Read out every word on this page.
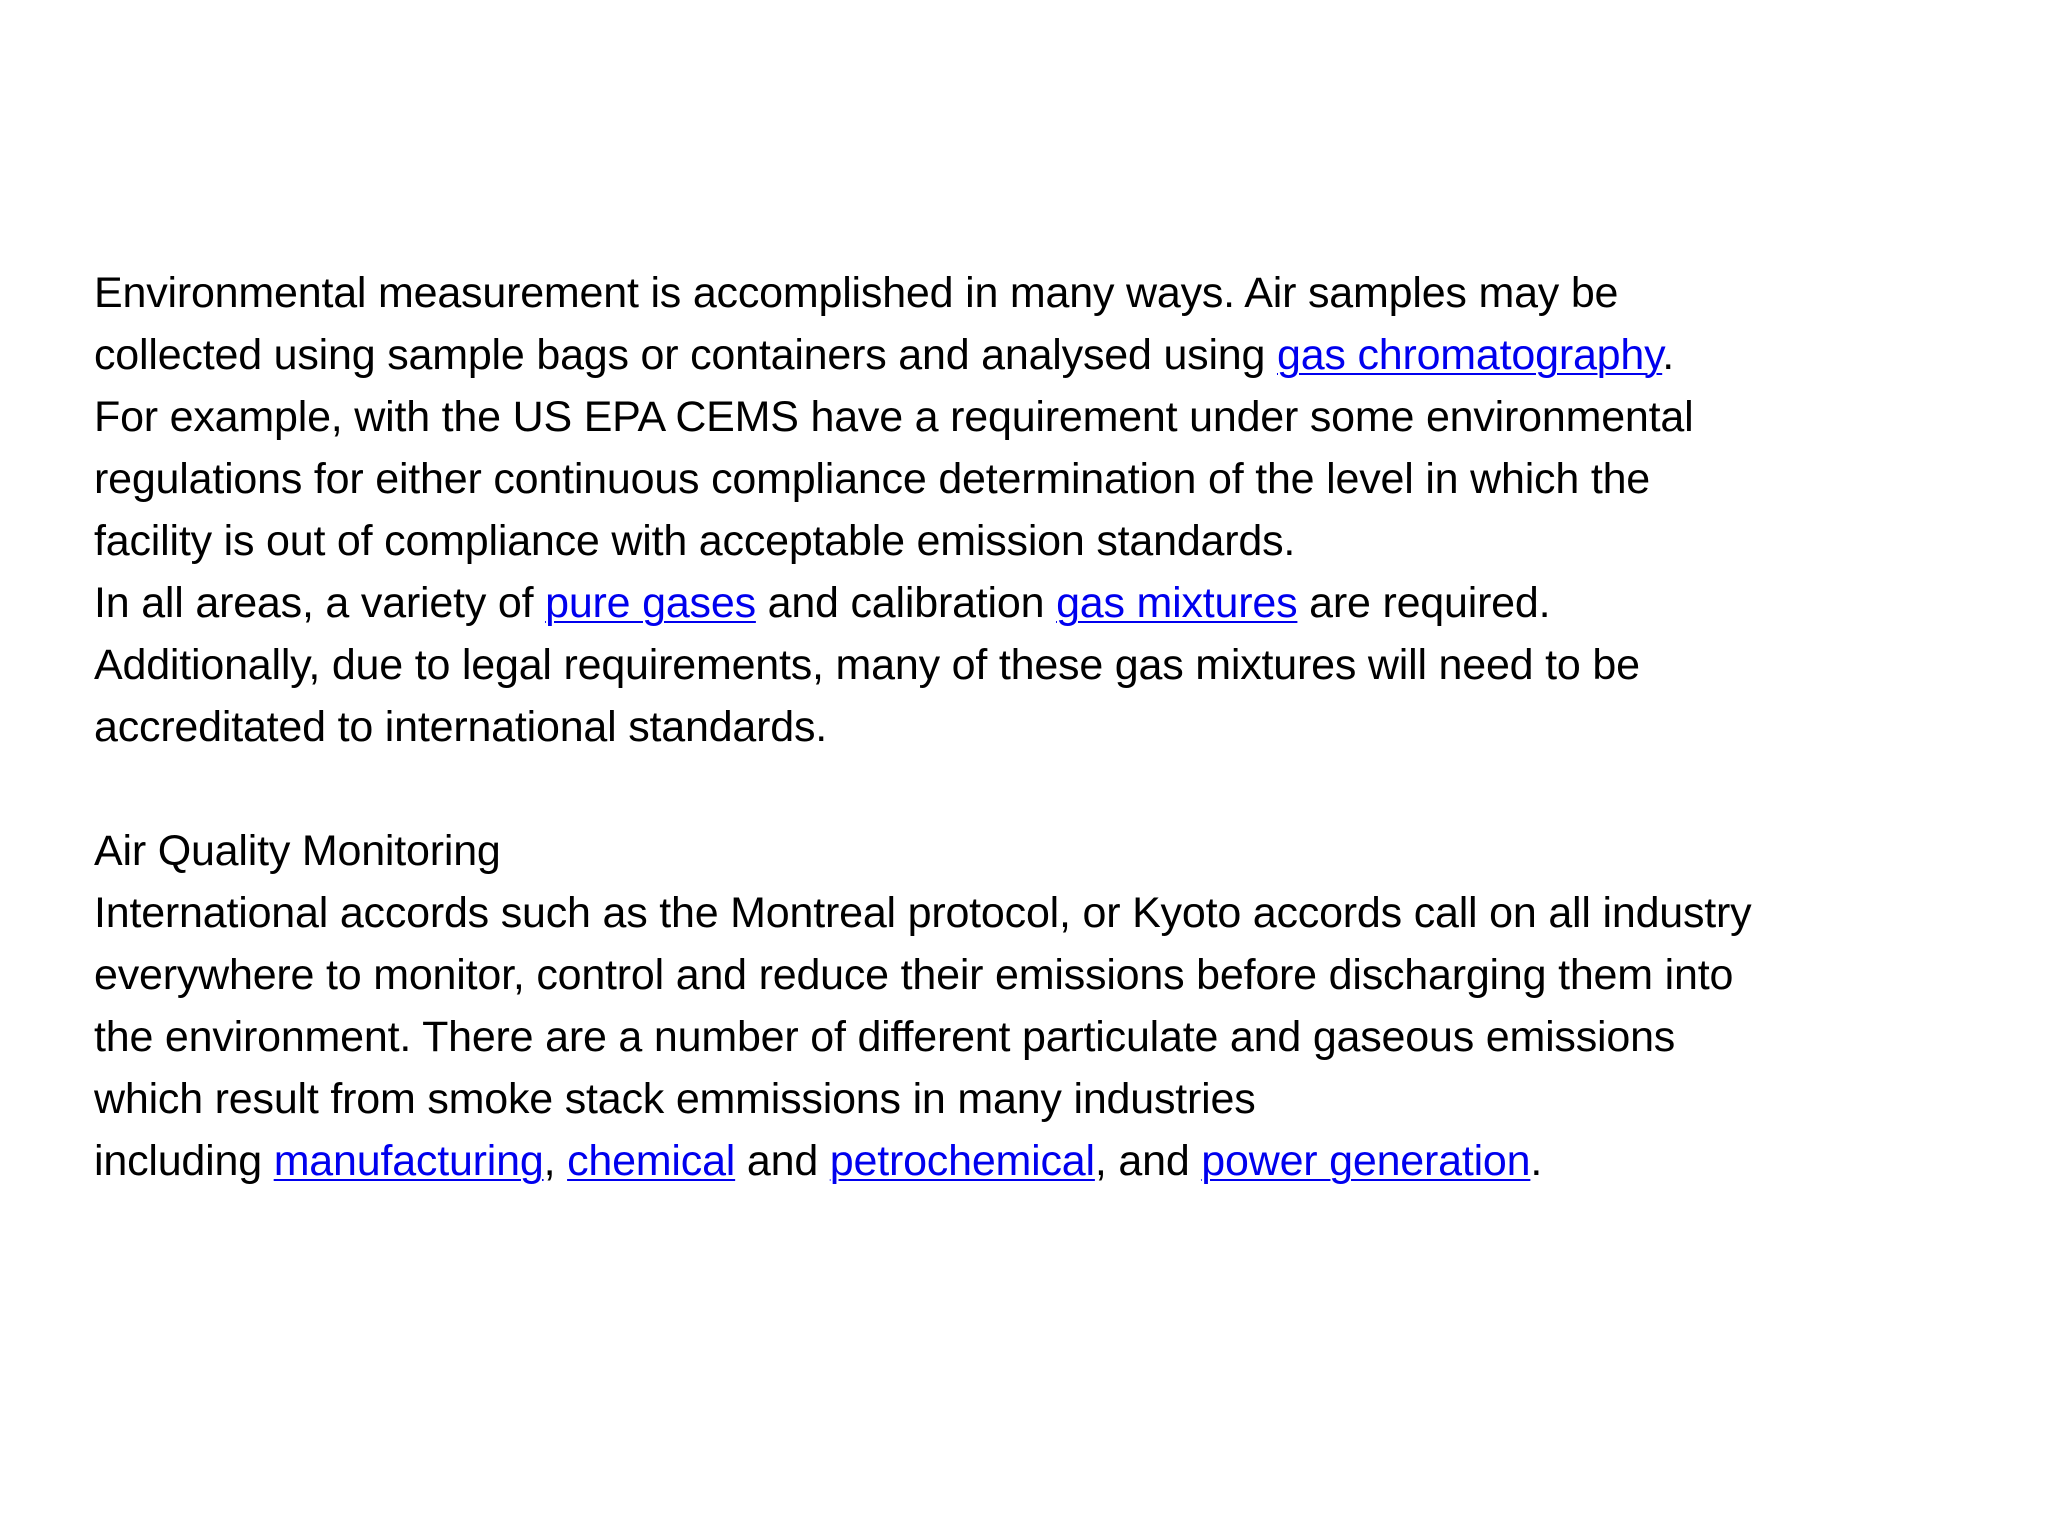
Environmental measurement is accomplished in many ways. Air samples may be
collected using sample bags or containers and analysed using gas chromatography.
For example, with the US EPA CEMS have a requirement under some environmental
regulations for either continuous compliance determination of the level in which the
facility is out of compliance with acceptable emission standards.
In all areas, a variety of pure gases and calibration gas mixtures are required.
Additionally, due to legal requirements, many of these gas mixtures will need to be
accreditated to international standards.
Air Quality Monitoring
International accords such as the Montreal protocol, or Kyoto accords call on all industry
everywhere to monitor, control and reduce their emissions before discharging them into
the environment. There are a number of different particulate and gaseous emissions
which result from smoke stack emmissions in many industries
including manufacturing, chemical and petrochemical, and power generation.
